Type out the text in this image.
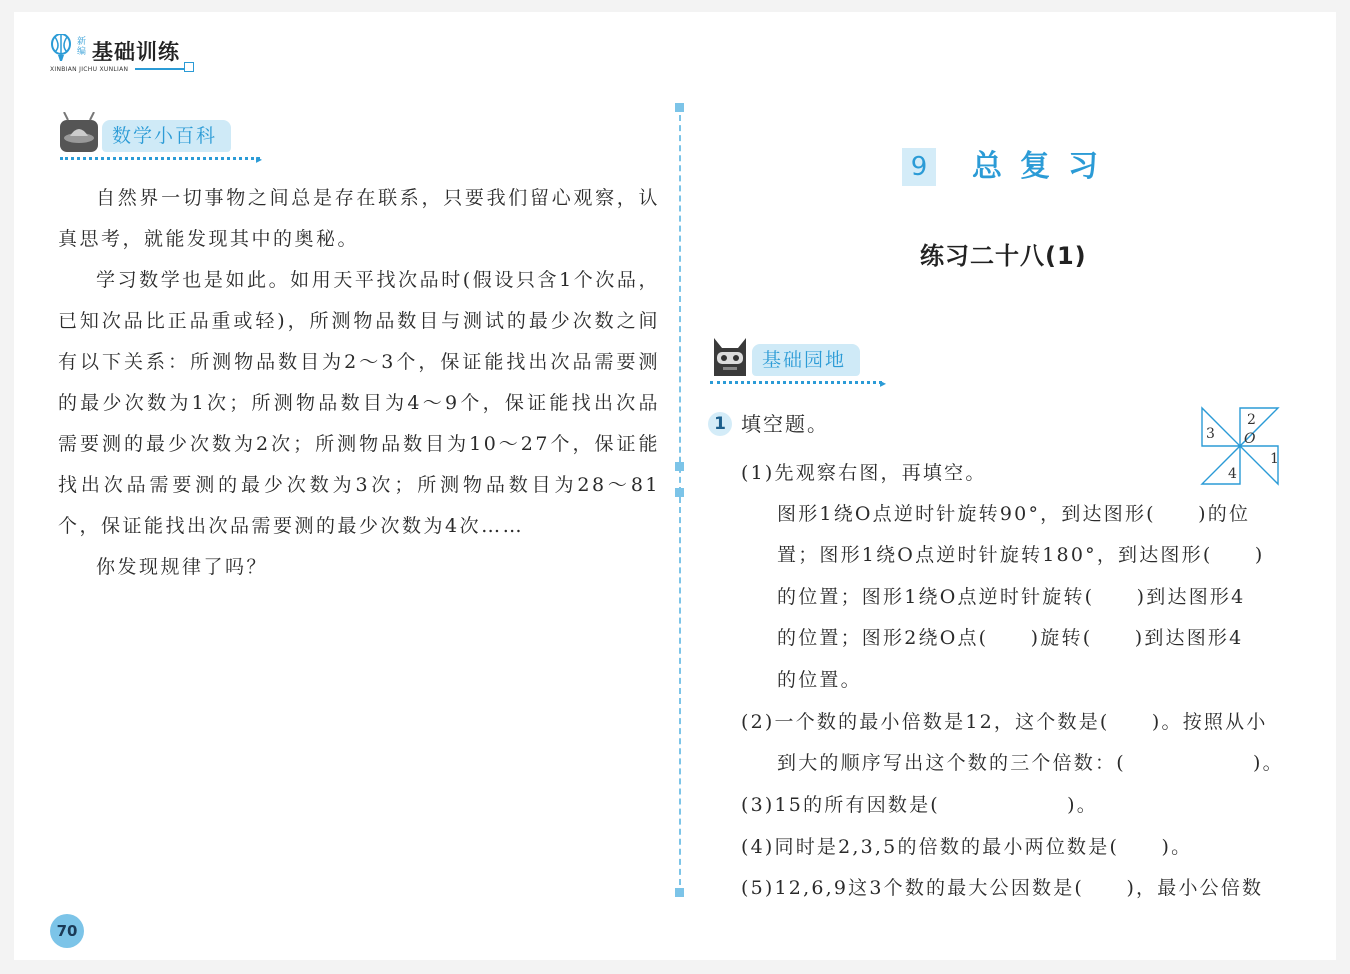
新编 基础训练
XINBIAN JICHU XUNLIAN
数学小百科
▸

自然界一切事物之间总是存在联系，只要我们留心观察，认真思考，就能发现其中的奥秘。

学习数学也是如此。如用天平找次品时(假设只含1个次品，已知次品比正品重或轻)，所测物品数目与测试的最少次数之间有以下关系：所测物品数目为2～3个，保证能找出次品需要测的最少次数为1次；所测物品数目为4～9个，保证能找出次品需要测的最少次数为2次；所测物品数目为10～27个，保证能找出次品需要测的最少次数为3次；所测物品数目为28～81个，保证能找出次品需要测的最少次数为4次……

你发现规律了吗？

9 总复习
练习二十八(1)
基础园地
▸
1 填空题。
(1)先观察右图，再填空。
图形1绕O点逆时针旋转90°，到达图形(　　)的位
置；图形1绕O点逆时针旋转180°，到达图形(　　)
的位置；图形1绕O点逆时针旋转(　　)到达图形4
的位置；图形2绕O点(　　)旋转(　　)到达图形4
的位置。
(2)一个数的最小倍数是12，这个数是(　　)。按照从小
到大的顺序写出这个数的三个倍数：(　　　　　　)。
(3)15的所有因数是(　　　　　　)。
(4)同时是2,3,5的倍数的最小两位数是(　　)。
(5)12,6,9这3个数的最大公因数是(　　)，最小公倍数
1
2
3
4
O
70
